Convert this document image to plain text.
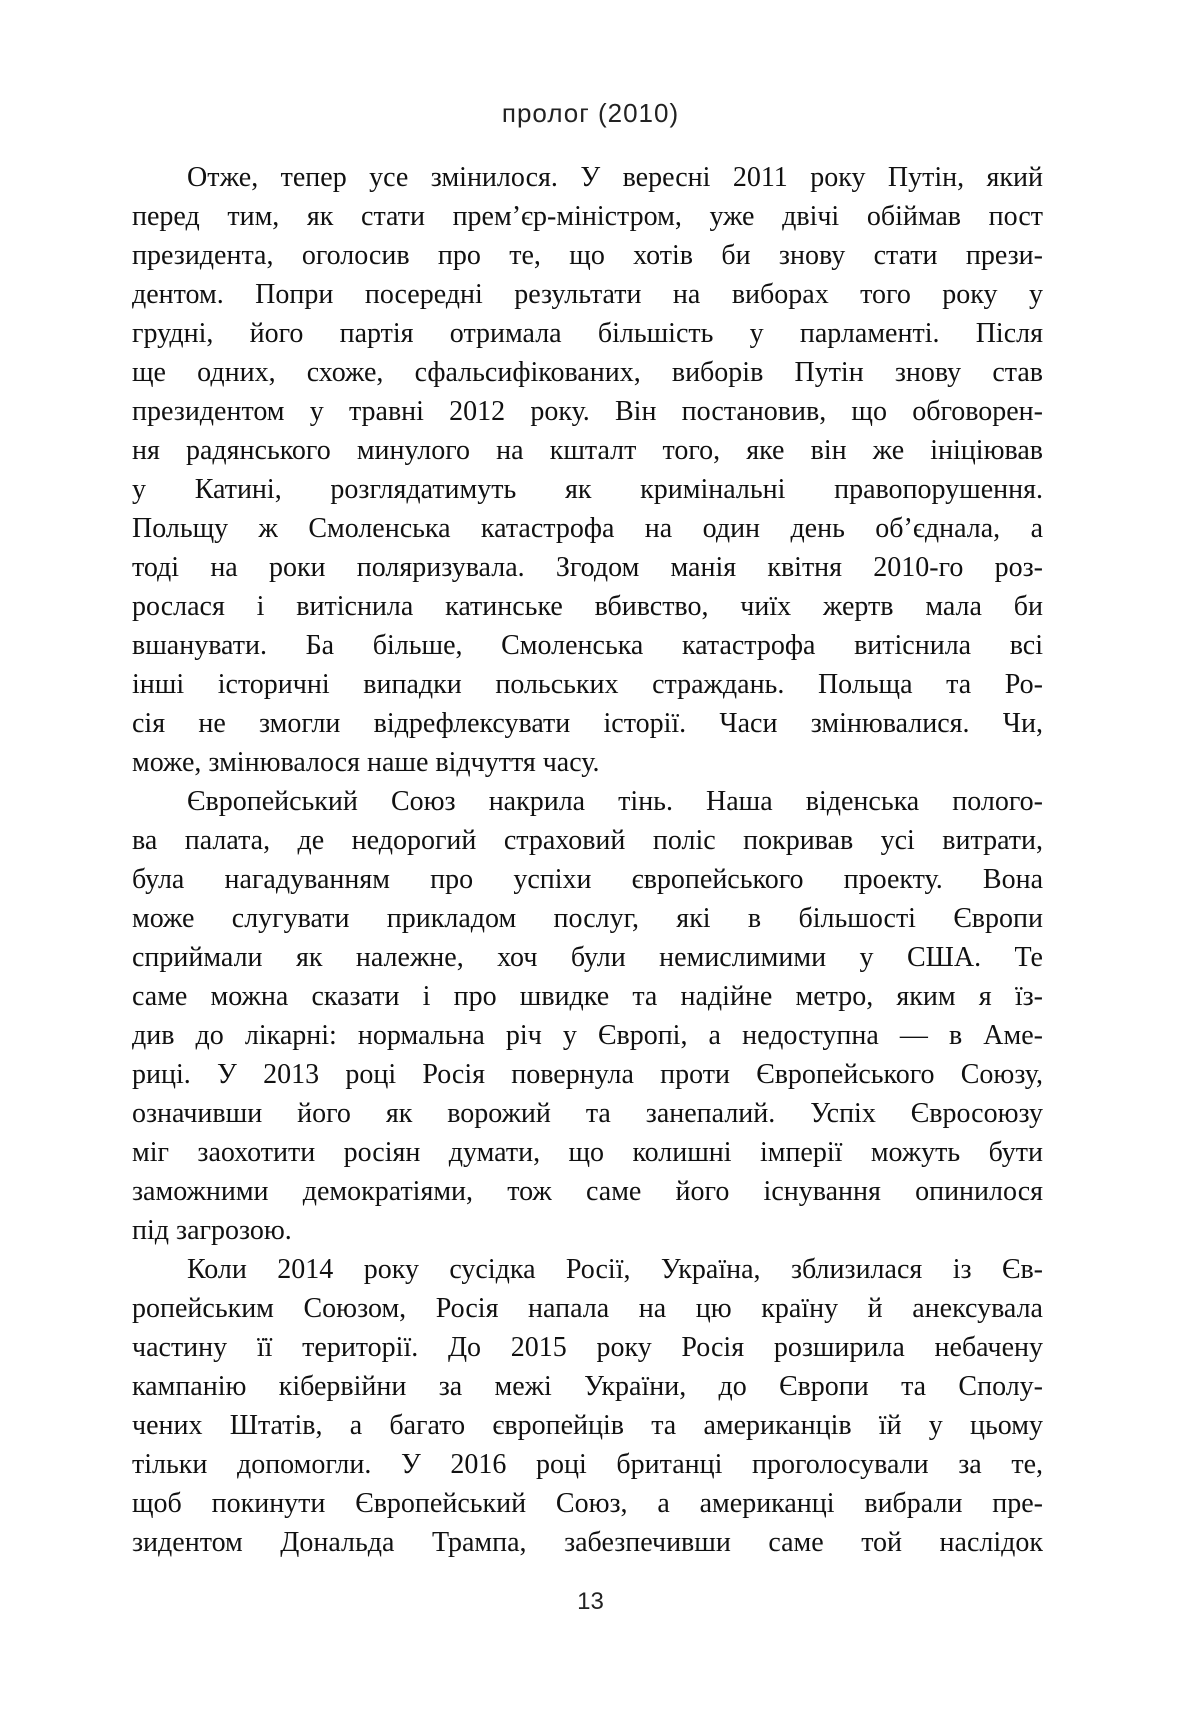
пролог (2010)
Отже, тепер усе змінилося. У вересні 2011 року Путін, який
перед тим, як стати прем’єр-міністром, уже двічі обіймав пост
президента, оголосив про те, що хотів би знову стати прези-
дентом. Попри посередні результати на виборах того року у
грудні, його партія отримала більшість у парламенті. Після
ще одних, схоже, сфальсифікованих, виборів Путін знову став
президентом у травні 2012 року. Він постановив, що обговорен-
ня радянського минулого на кшталт того, яке він же ініціював
у Катині, розглядатимуть як кримінальні правопорушення.
Польщу ж Смоленська катастрофа на один день об’єднала, а
тоді на роки поляризувала. Згодом манія квітня 2010-го роз-
рослася і витіснила катинське вбивство, чиїх жертв мала би
вшанувати. Ба більше, Смоленська катастрофа витіснила всі
інші історичні випадки польських страждань. Польща та Ро-
сія не змогли відрефлексувати історії. Часи змінювалися. Чи,
може, змінювалося наше відчуття часу.
Європейський Союз накрила тінь. Наша віденська полого-
ва палата, де недорогий страховий поліс покривав усі витрати,
була нагадуванням про успіхи європейського проекту. Вона
може слугувати прикладом послуг, які в більшості Європи
сприймали як належне, хоч були немислимими у США. Те
саме можна сказати і про швидке та надійне метро, яким я їз-
див до лікарні: нормальна річ у Європі, а недоступна — в Аме-
риці. У 2013 році Росія повернула проти Європейського Союзу,
означивши його як ворожий та занепалий. Успіх Євросоюзу
міг заохотити росіян думати, що колишні імперії можуть бути
заможними демократіями, тож саме його існування опинилося
під загрозою.
Коли 2014 року сусідка Росії, Україна, зблизилася із Єв-
ропейським Союзом, Росія напала на цю країну й анексувала
частину її території. До 2015 року Росія розширила небачену
кампанію кібервійни за межі України, до Європи та Сполу-
чених Штатів, а багато європейців та американців їй у цьому
тільки допомогли. У 2016 році британці проголосували за те,
щоб покинути Європейський Союз, а американці вибрали пре-
зидентом Дональда Трампа, забезпечивши саме той наслідок
13
